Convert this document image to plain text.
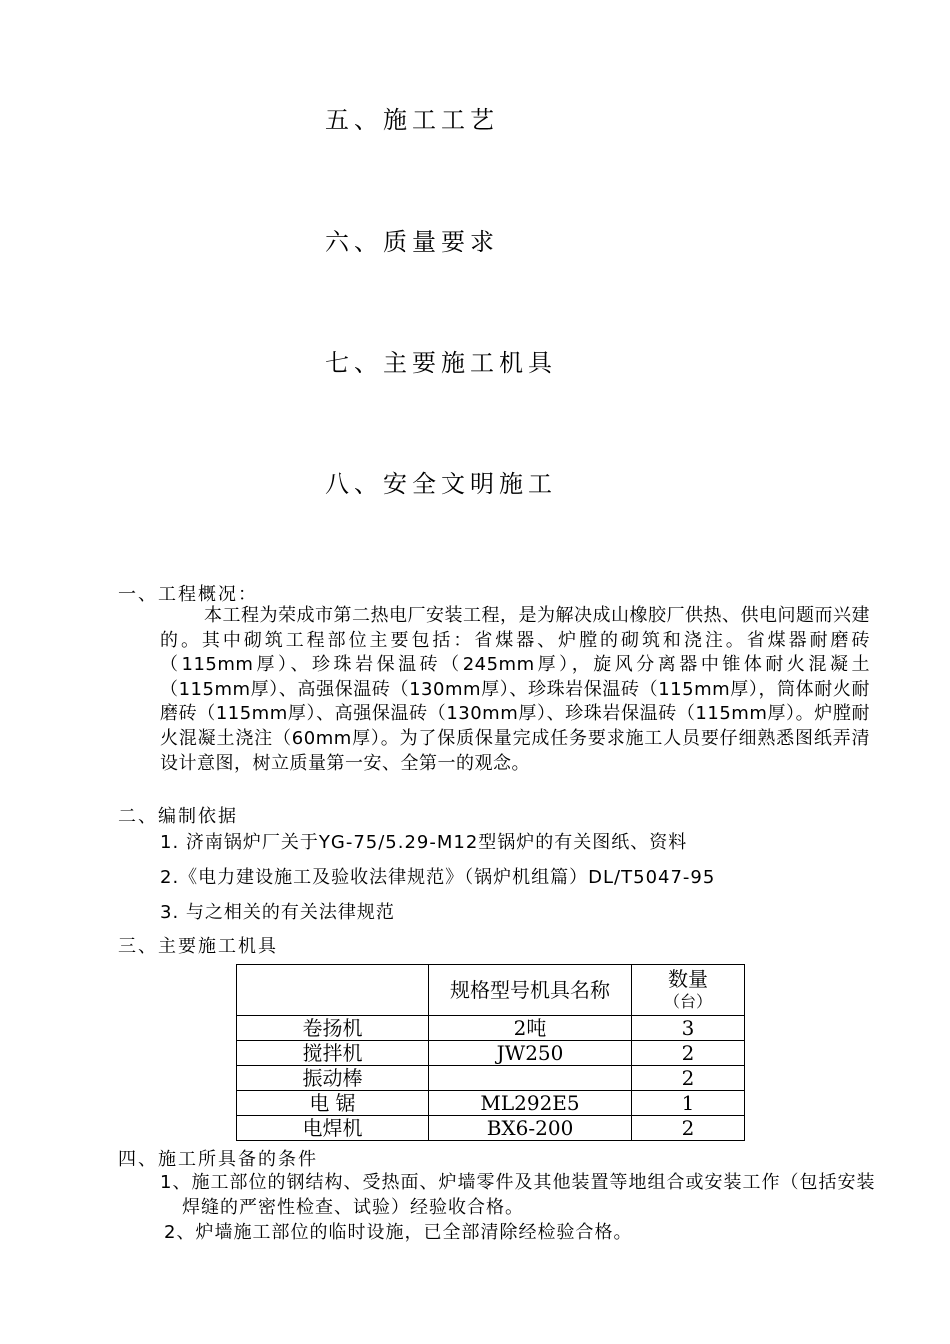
五、施工工艺
六、质量要求
七、主要施工机具
八、安全文明施工
一、工程概况：

本工程为荣成市第二热电厂安装工程，是为解决成山橡胶厂供热、供电问题而兴建的。其中砌筑工程部位主要包括：省煤器、炉膛的砌筑和浇注。省煤器耐磨砖（115mm厚）、珍珠岩保温砖（245mm厚），旋风分离器中锥体耐火混凝土（115mm厚）、高强保温砖（130mm厚）、珍珠岩保温砖（115mm厚），筒体耐火耐磨砖（115mm厚）、高强保温砖（130mm厚）、珍珠岩保温砖（115mm厚）。炉膛耐火混凝土浇注（60mm厚）。为了保质保量完成任务要求施工人员要仔细熟悉图纸弄清设计意图，树立质量第一安、全第一的观念。

二、编制依据

1. 济南锅炉厂关于YG-75/5.29-M12型锅炉的有关图纸、资料

2.《电力建设施工及验收法律规范》（锅炉机组篇）DL/T5047-95

3. 与之相关的有关法律规范

三、主要施工机具
	规格型号机具名称	数量
（台）

卷扬机	2吨	3
搅拌机	JW250	2
振动棒		2
电 锯	ML292E5	1
电焊机	BX6-200	2
四、施工所具备的条件

1、施工部位的钢结构、受热面、炉墙零件及其他装置等地组合或安装工作（包括安装焊缝的严密性检查、试验）经验收合格。

2、炉墙施工部位的临时设施，已全部清除经检验合格。
